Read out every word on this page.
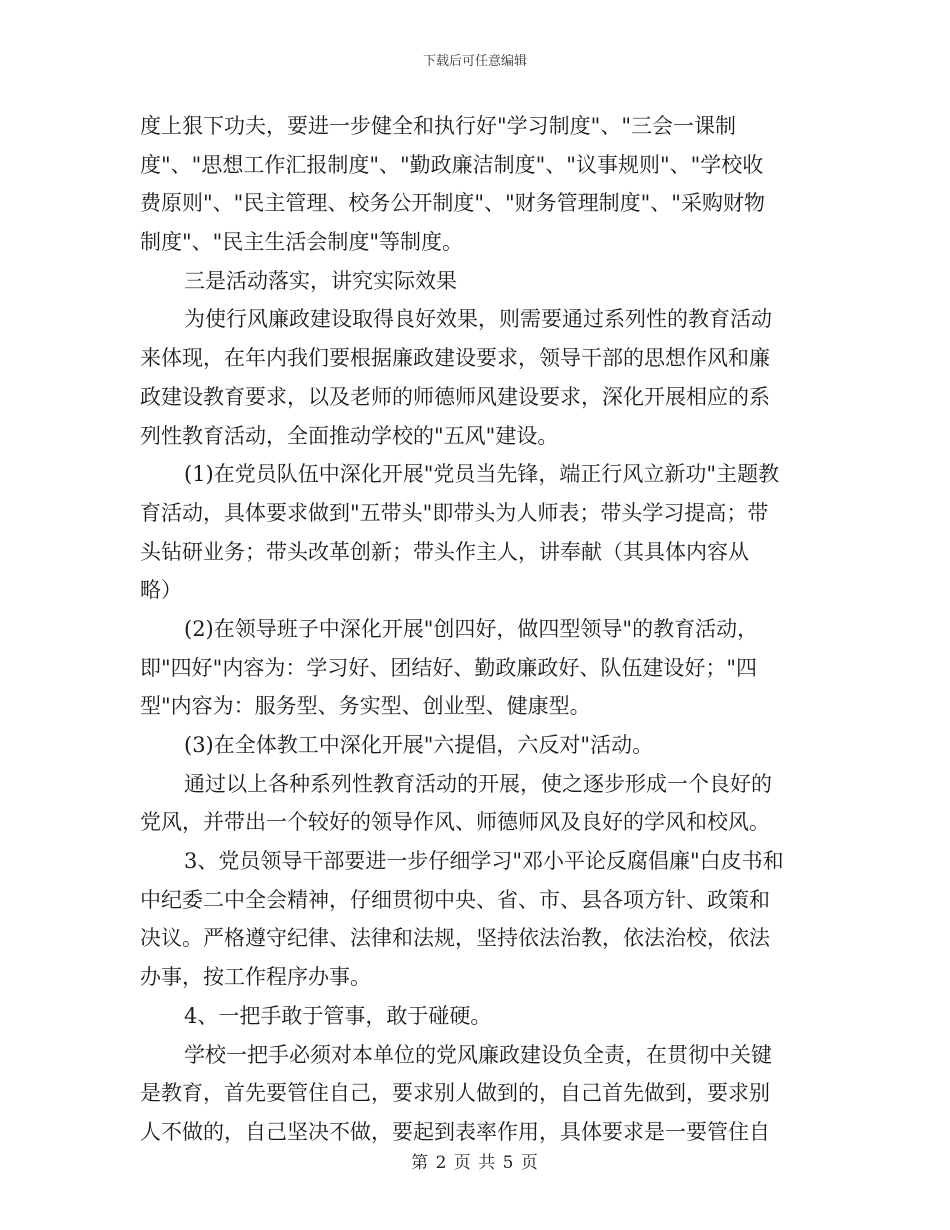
下载后可任意编辑
度上狠下功夫，要进一步健全和执行好"学习制度"、"三会一课制
度"、"思想工作汇报制度"、"勤政廉洁制度"、"议事规则"、"学校收
费原则"、"民主管理、校务公开制度"、"财务管理制度"、"采购财物
制度"、"民主生活会制度"等制度。
三是活动落实，讲究实际效果
为使行风廉政建设取得良好效果，则需要通过系列性的教育活动
来体现，在年内我们要根据廉政建设要求，领导干部的思想作风和廉
政建设教育要求，以及老师的师德师风建设要求，深化开展相应的系
列性教育活动，全面推动学校的"五风"建设。
(1)在党员队伍中深化开展"党员当先锋，端正行风立新功"主题教
育活动，具体要求做到"五带头"即带头为人师表；带头学习提高；带
头钻研业务；带头改革创新；带头作主人，讲奉献（其具体内容从
略）
(2)在领导班子中深化开展"创四好，做四型领导"的教育活动，
即"四好"内容为：学习好、团结好、勤政廉政好、队伍建设好；"四
型"内容为：服务型、务实型、创业型、健康型。
(3)在全体教工中深化开展"六提倡，六反对"活动。
通过以上各种系列性教育活动的开展，使之逐步形成一个良好的
党风，并带出一个较好的领导作风、师德师风及良好的学风和校风。
3、党员领导干部要进一步仔细学习"邓小平论反腐倡廉"白皮书和
中纪委二中全会精神，仔细贯彻中央、省、市、县各项方针、政策和
决议。严格遵守纪律、法律和法规，坚持依法治教，依法治校，依法
办事，按工作程序办事。
4、一把手敢于管事，敢于碰硬。
学校一把手必须对本单位的党风廉政建设负全责，在贯彻中关键
是教育，首先要管住自己，要求别人做到的，自己首先做到，要求别
人不做的，自己坚决不做，要起到表率作用，具体要求是一要管住自
第 2 页 共 5 页
